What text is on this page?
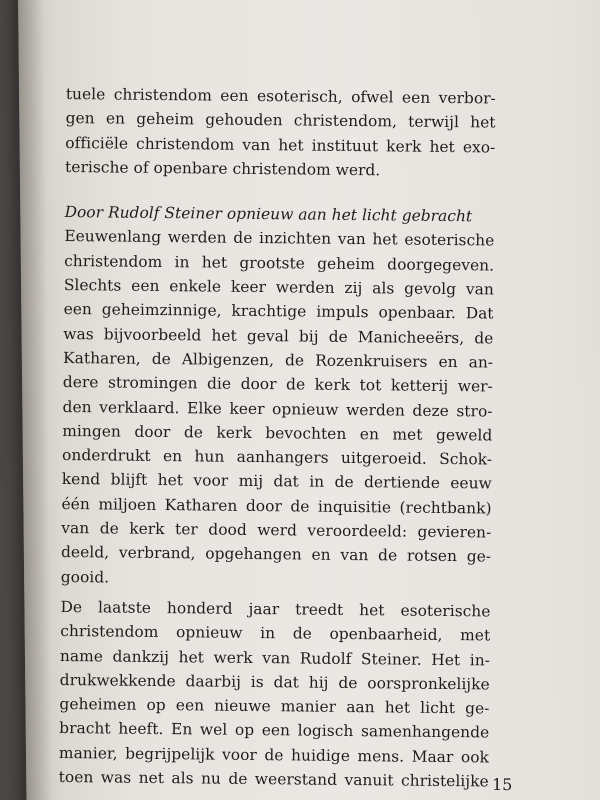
tuele christendom een esoterisch, ofwel een verbor-
gen en geheim gehouden christendom, terwijl het
officiële christendom van het instituut kerk het exo-
terische of openbare christendom werd.
Door Rudolf Steiner opnieuw aan het licht gebracht
Eeuwenlang werden de inzichten van het esoterische
christendom in het grootste geheim doorgegeven.
Slechts een enkele keer werden zij als gevolg van
een geheimzinnige, krachtige impuls openbaar. Dat
was bijvoorbeeld het geval bij de Manicheeërs, de
Katharen, de Albigenzen, de Rozenkruisers en an-
dere stromingen die door de kerk tot ketterij wer-
den verklaard. Elke keer opnieuw werden deze stro-
mingen door de kerk bevochten en met geweld
onderdrukt en hun aanhangers uitgeroeid. Schok-
kend blijft het voor mij dat in de dertiende eeuw
één miljoen Katharen door de inquisitie (rechtbank)
van de kerk ter dood werd veroordeeld: gevieren-
deeld, verbrand, opgehangen en van de rotsen ge-
gooid.
De laatste honderd jaar treedt het esoterische
christendom opnieuw in de openbaarheid, met
name dankzij het werk van Rudolf Steiner. Het in-
drukwekkende daarbij is dat hij de oorspronkelijke
geheimen op een nieuwe manier aan het licht ge-
bracht heeft. En wel op een logisch samenhangende
manier, begrijpelijk voor de huidige mens. Maar ook
toen was net als nu de weerstand vanuit christelijke 15
